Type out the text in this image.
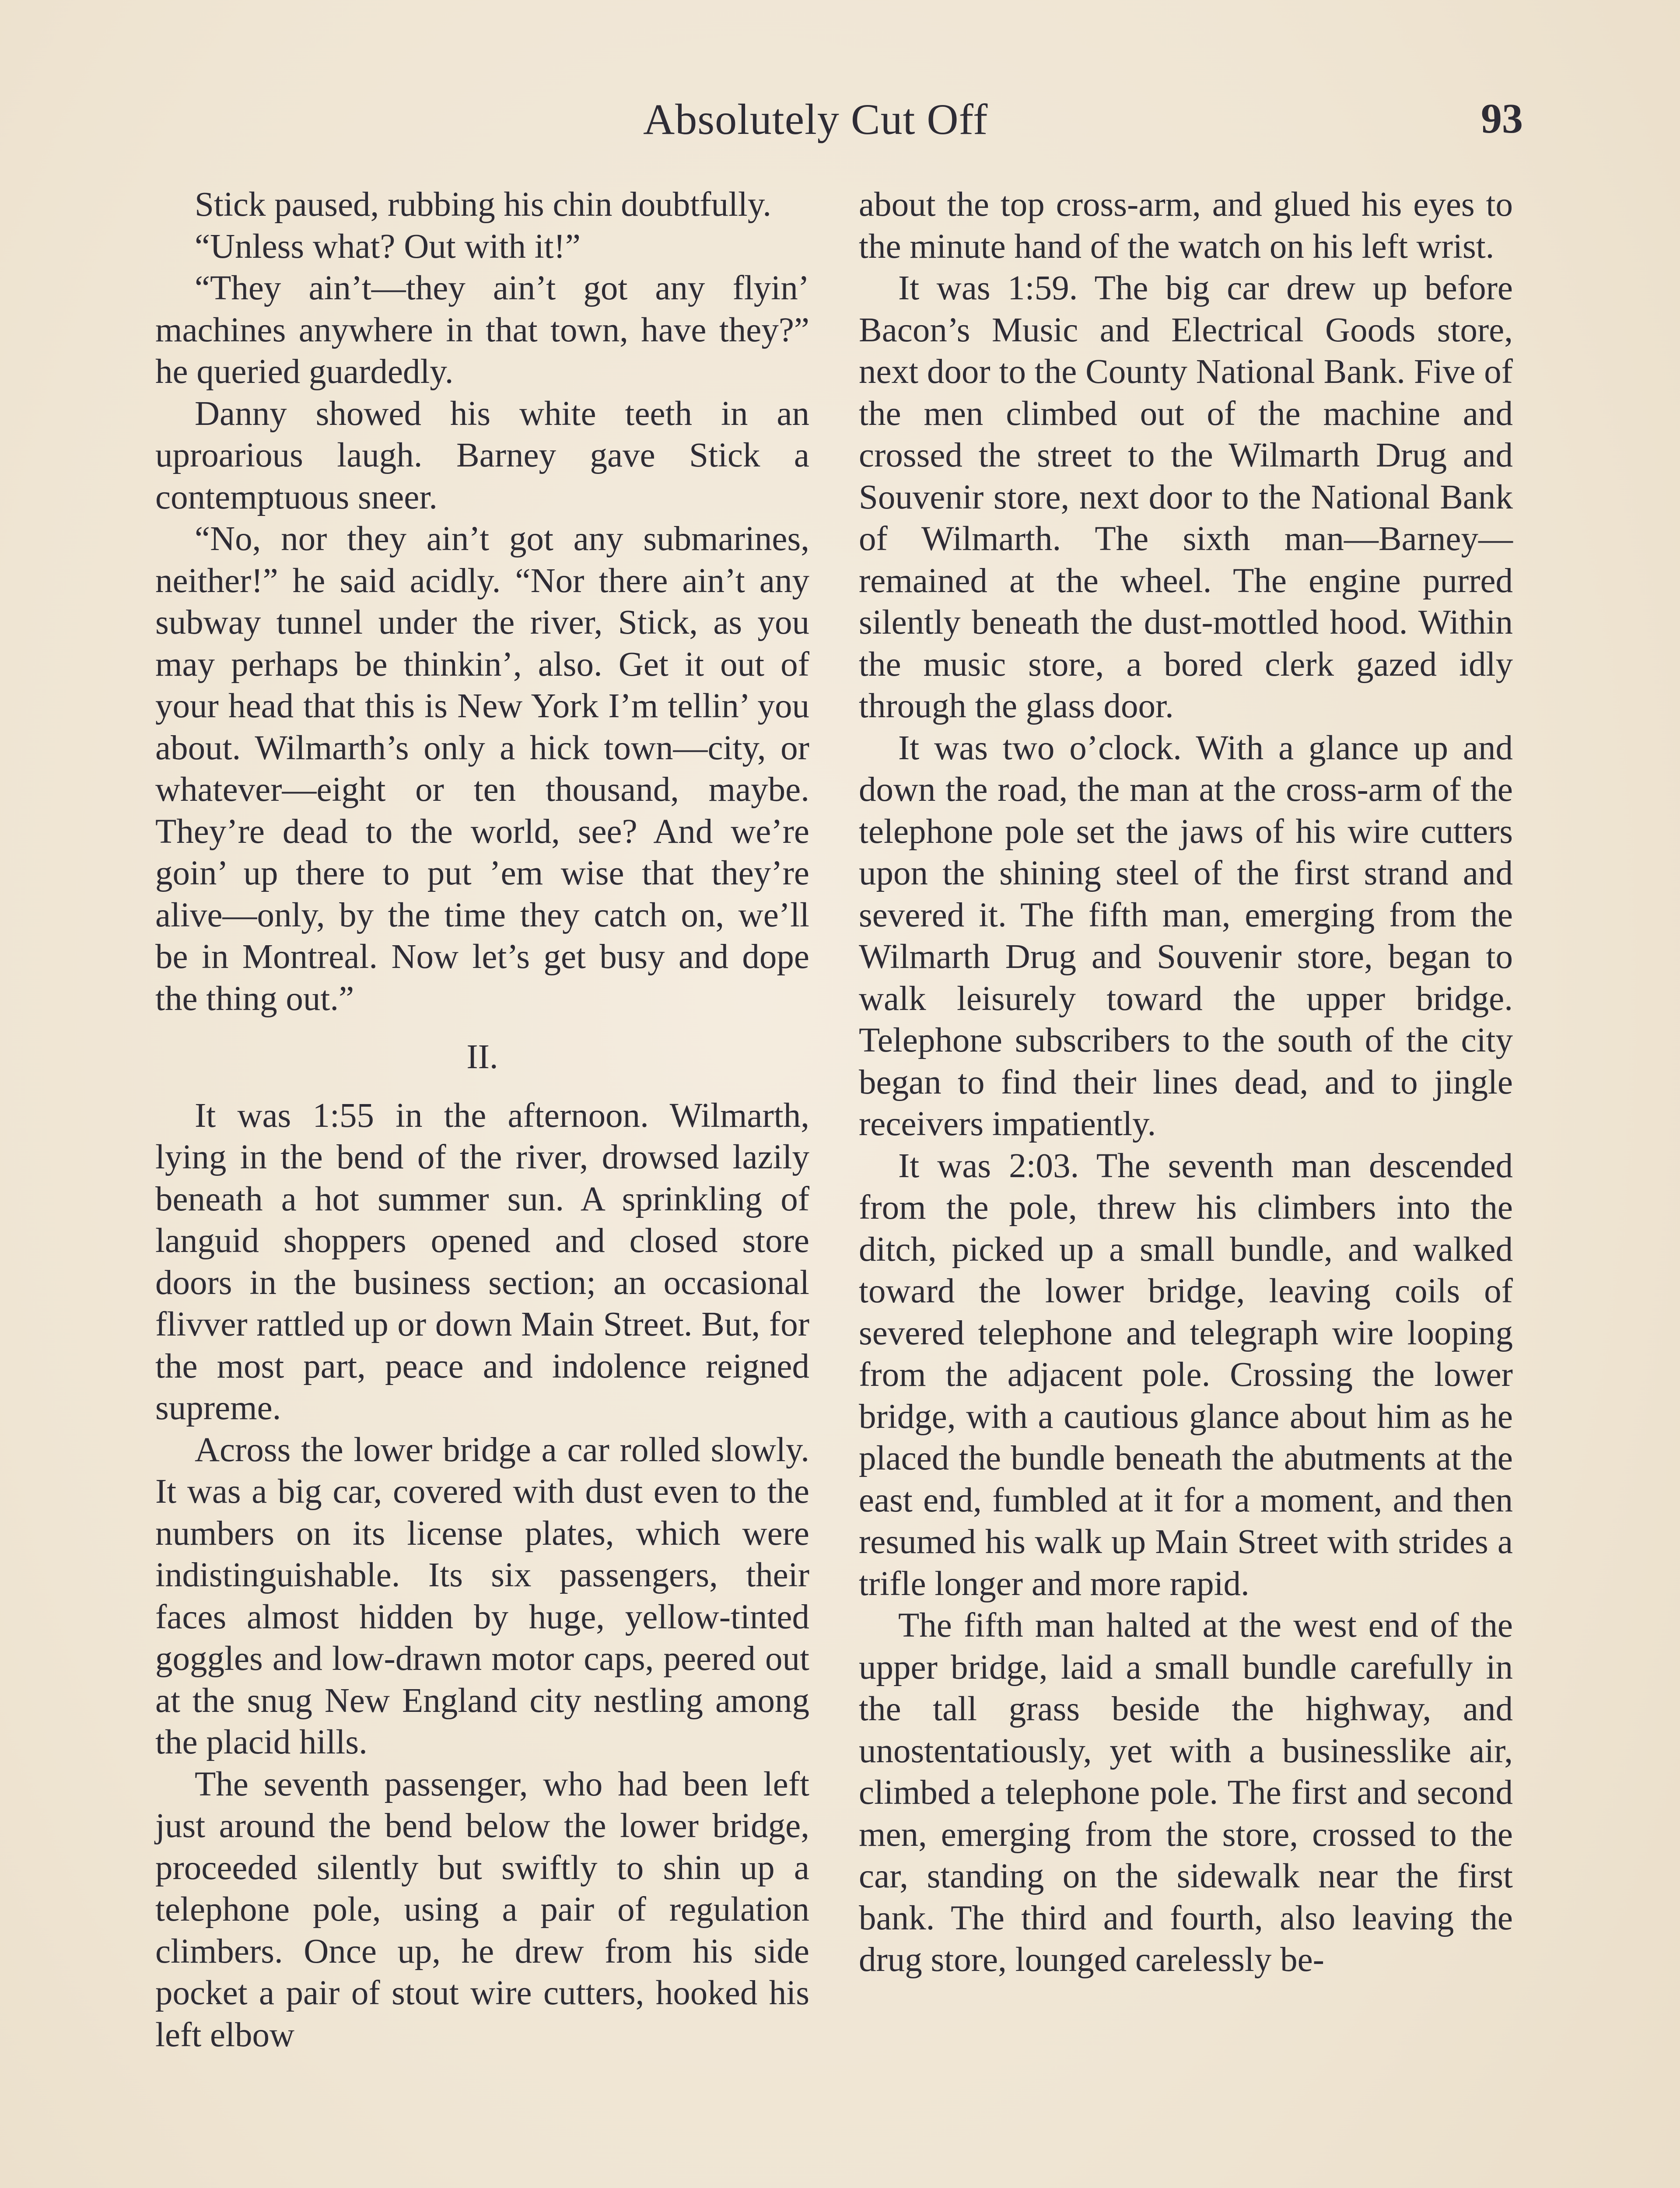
Absolutely Cut Off	93

Stick paused, rubbing his chin doubtfully.

“Unless what? Out with it!”

“They ain’t—they ain’t got any flyin’ machines anywhere in that town, have they?” he queried guardedly.

Danny showed his white teeth in an uproarious laugh. Barney gave Stick a contemptuous sneer.

“No, nor they ain’t got any submarines, neither!” he said acidly. “Nor there ain’t any subway tunnel under the river, Stick, as you may perhaps be thinkin’, also. Get it out of your head that this is New York I’m tellin’ you about. Wilmarth’s only a hick town—city, or whatever—eight or ten thousand, maybe. They’re dead to the world, see? And we’re goin’ up there to put ’em wise that they’re alive—only, by the time they catch on, we’ll be in Montreal. Now let’s get busy and dope the thing out.”

II.

It was 1:55 in the afternoon. Wilmarth, lying in the bend of the river, drowsed lazily beneath a hot summer sun. A sprinkling of languid shoppers opened and closed store doors in the business section; an occasional flivver rattled up or down Main Street. But, for the most part, peace and indolence reigned supreme.

Across the lower bridge a car rolled slowly. It was a big car, covered with dust even to the numbers on its license plates, which were indistinguishable. Its six passengers, their faces almost hidden by huge, yellow-tinted goggles and low-drawn motor caps, peered out at the snug New England city nestling among the placid hills.

The seventh passenger, who had been left just around the bend below the lower bridge, proceeded silently but swiftly to shin up a telephone pole, using a pair of regulation climbers. Once up, he drew from his side pocket a pair of stout wire cutters, hooked his left elbow

about the top cross-arm, and glued his eyes to the minute hand of the watch on his left wrist.

It was 1:59. The big car drew up before Bacon’s Music and Electrical Goods store, next door to the County National Bank. Five of the men climbed out of the machine and crossed the street to the Wilmarth Drug and Souvenir store, next door to the National Bank of Wilmarth. The sixth man—Barney—remained at the wheel. The engine purred silently beneath the dust-mottled hood. Within the music store, a bored clerk gazed idly through the glass door.

It was two o’clock. With a glance up and down the road, the man at the cross-arm of the telephone pole set the jaws of his wire cutters upon the shining steel of the first strand and severed it. The fifth man, emerging from the Wilmarth Drug and Souvenir store, began to walk leisurely toward the upper bridge. Telephone subscribers to the south of the city began to find their lines dead, and to jingle receivers impatiently.

It was 2:03. The seventh man descended from the pole, threw his climbers into the ditch, picked up a small bundle, and walked toward the lower bridge, leaving coils of severed telephone and telegraph wire looping from the adjacent pole. Crossing the lower bridge, with a cautious glance about him as he placed the bundle beneath the abutments at the east end, fumbled at it for a moment, and then resumed his walk up Main Street with strides a trifle longer and more rapid.

The fifth man halted at the west end of the upper bridge, laid a small bundle carefully in the tall grass beside the highway, and unostentatiously, yet with a businesslike air, climbed a telephone pole. The first and second men, emerging from the store, crossed to the car, standing on the sidewalk near the first bank. The third and fourth, also leaving the drug store, lounged carelessly be-
